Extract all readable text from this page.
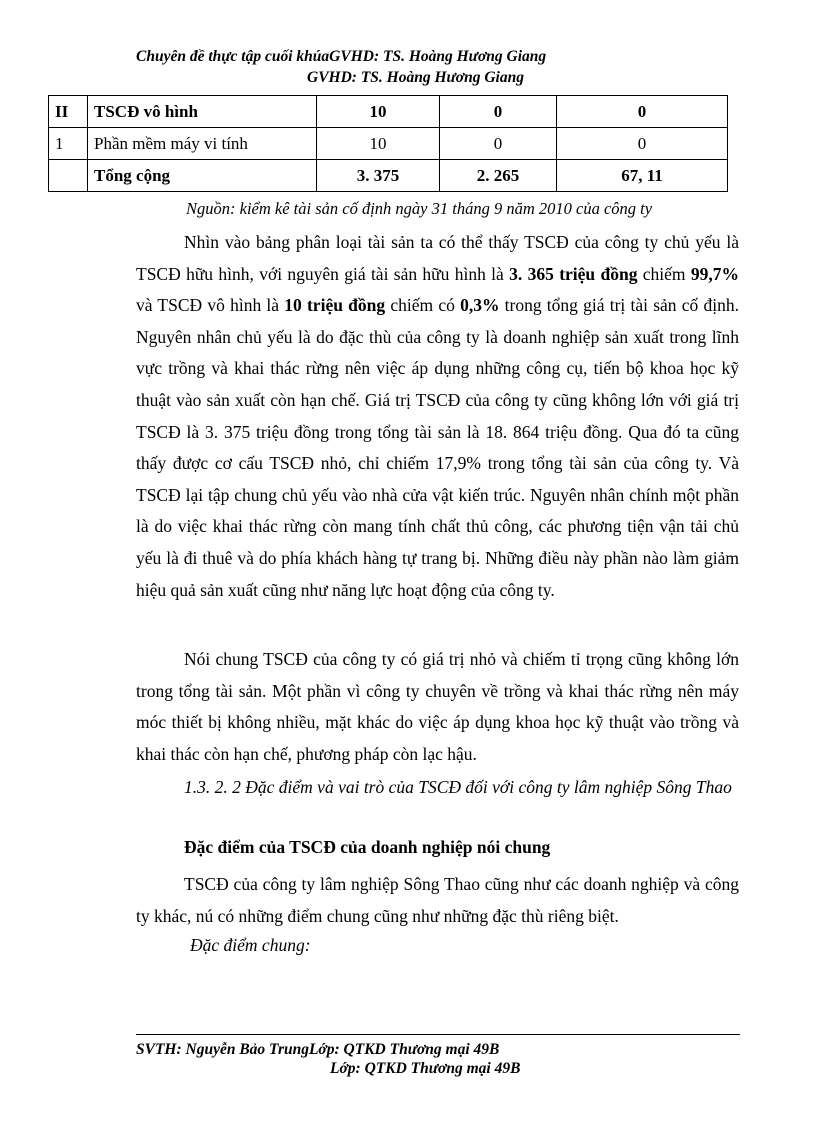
Chuyên đề thực tập cuối khúaGVHD: TS. Hoàng Hương Giang
GVHD: TS. Hoàng Hương Giang
II	TSCĐ vô hình	10	0	0
1	Phần mềm máy vi tính	10	0	0
	Tổng cộng	3. 375	2. 265	67, 11
Nguồn: kiểm kê tài sản cố định ngày 31 tháng 9 năm 2010 của công ty

Nhìn vào bảng phân loại tài sản ta có thể thấy TSCĐ của công ty chủ yếu là TSCĐ hữu hình, với nguyên giá tài sản hữu hình là 3. 365 triệu đồng chiếm 99,7% và TSCĐ vô hình là 10 triệu đồng chiếm có 0,3% trong tổng giá trị tài sản cố định. Nguyên nhân chủ yếu là do đặc thù của công ty là doanh nghiệp sản xuất trong lĩnh vực trồng và khai thác rừng nên việc áp dụng những công cụ, tiến bộ khoa học kỹ thuật vào sản xuất còn hạn chế. Giá trị TSCĐ của công ty cũng không lớn với giá trị TSCĐ là 3. 375 triệu đồng trong tổng tài sản là 18. 864 triệu đồng. Qua đó ta cũng thấy được cơ cấu TSCĐ nhỏ, chỉ chiếm 17,9% trong tổng tài sản của công ty. Và TSCĐ lại tập chung chủ yếu vào nhà cửa vật kiến trúc. Nguyên nhân chính một phần là do việc khai thác rừng còn mang tính chất thủ công, các phương tiện vận tải chủ yếu là đi thuê và do phía khách hàng tự trang bị. Những điều này phần nào làm giảm hiệu quả sản xuất cũng như năng lực hoạt động của công ty.

Nói chung TSCĐ của công ty có giá trị nhỏ và chiếm tỉ trọng cũng không lớn trong tổng tài sản. Một phần vì công ty chuyên về trồng và khai thác rừng nên máy móc thiết bị không nhiều, mặt khác do việc áp dụng khoa học kỹ thuật vào trồng và khai thác còn hạn chế, phương pháp còn lạc hậu.

1.3. 2. 2 Đặc điểm và vai trò của TSCĐ đối với công ty lâm nghiệp Sông Thao

Đặc điểm của TSCĐ của doanh nghiệp nói chung

TSCĐ của công ty lâm nghiệp Sông Thao cũng như các doanh nghiệp và công ty khác, nú có những điểm chung cũng như những đặc thù riêng biệt.

Đặc điểm chung:

SVTH: Nguyễn Bảo TrungLớp: QTKD Thương mại 49B
Lớp: QTKD Thương mại 49B
